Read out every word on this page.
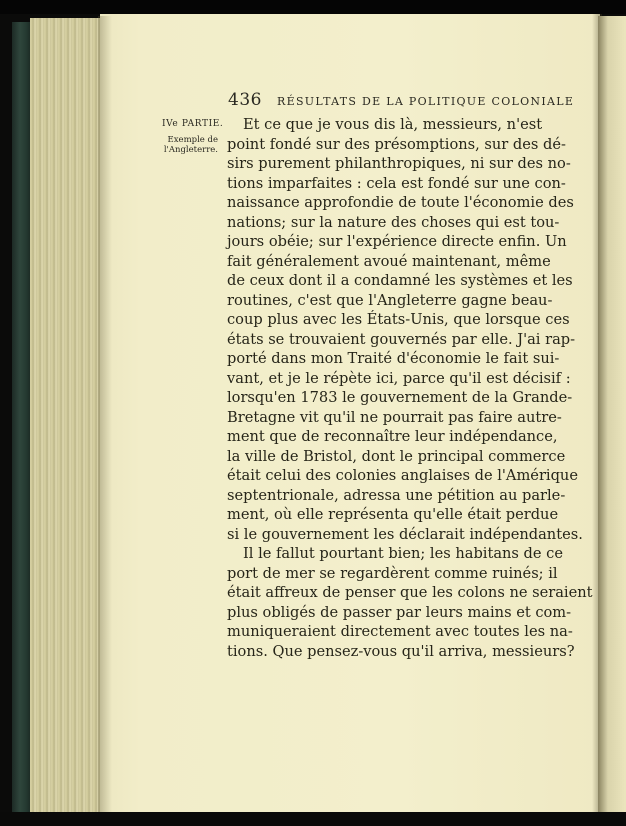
436 RÉSULTATS DE LA POLITIQUE COLONIALE
IVe PARTIE.
Exemple de
l'Angleterre.
Et ce que je vous dis là, messieurs, n'est
point fondé sur des présomptions, sur des dé-
sirs purement philanthropiques, ni sur des no-
tions imparfaites : cela est fondé sur une con-
naissance approfondie de toute l'économie des
nations; sur la nature des choses qui est tou-
jours obéie; sur l'expérience directe enfin. Un
fait généralement avoué maintenant, même
de ceux dont il a condamné les systèmes et les
routines, c'est que l'Angleterre gagne beau-
coup plus avec les États-Unis, que lorsque ces
états se trouvaient gouvernés par elle. J'ai rap-
porté dans mon Traité d'économie le fait sui-
vant, et je le répète ici, parce qu'il est décisif :
lorsqu'en 1783 le gouvernement de la Grande-
Bretagne vit qu'il ne pourrait pas faire autre-
ment que de reconnaître leur indépendance,
la ville de Bristol, dont le principal commerce
était celui des colonies anglaises de l'Amérique
septentrionale, adressa une pétition au parle-
ment, où elle représenta qu'elle était perdue
si le gouvernement les déclarait indépendantes.
Il le fallut pourtant bien; les habitans de ce
port de mer se regardèrent comme ruinés; il
était affreux de penser que les colons ne seraient
plus obligés de passer par leurs mains et com-
muniqueraient directement avec toutes les na-
tions. Que pensez-vous qu'il arriva, messieurs?
